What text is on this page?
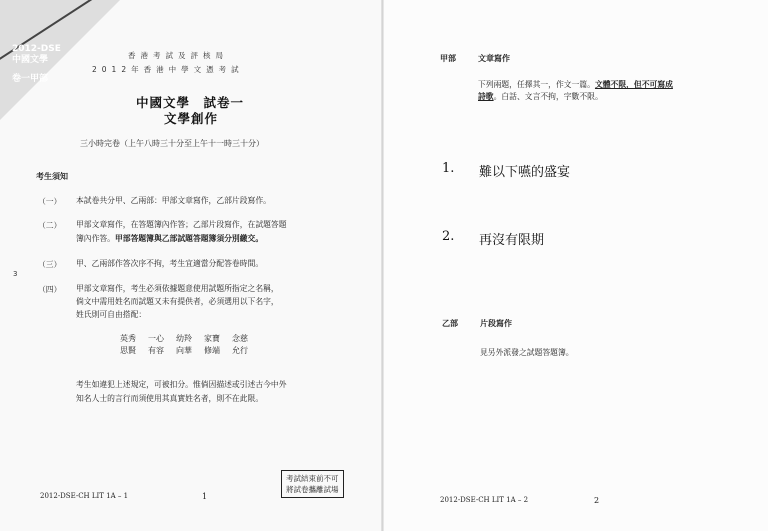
2012-DSE
中國文學
卷一甲部
香港考試及評核局
2012年香港中學文憑考試
中國文學　試卷一
文學創作
三小時完卷（上午八時三十分至上午十一時三十分）
考生須知
（一） 本試卷共分甲、乙兩部：甲部文章寫作，乙部片段寫作。
（二） 甲部文章寫作，在答題簿內作答；乙部片段寫作，在試題答題
簿內作答。甲部答題簿與乙部試題答題簿須分別繳交。
（三） 甲、乙兩部作答次序不拘，考生宜適當分配答卷時間。
（四） 甲部文章寫作，考生必須依據題意使用試題所指定之名稱，
倘文中需用姓名而試題又未有提供者，必須選用以下名字，
姓氏則可自由搭配：
英秀	一心	幼羚	家寶	念慈
思賢	有容	向華	修端	允行
考生如違犯上述規定，可被扣分。惟倘因描述或引述古今中外
知名人士的言行而須使用其真實姓名者，則不在此限。
3
2012-DSE-CH LIT 1A – 1	1
考試結束前不可
將試卷攜離試場
甲部	文章寫作
下列兩題，任擇其一，作文一篇。文體不限，但不可寫成
詩歌。白話、文言不拘，字數不限。
1. 難以下嚥的盛宴
2. 再沒有限期
乙部	片段寫作
見另外派發之試題答題簿。
2012-DSE-CH LIT 1A – 2	2
